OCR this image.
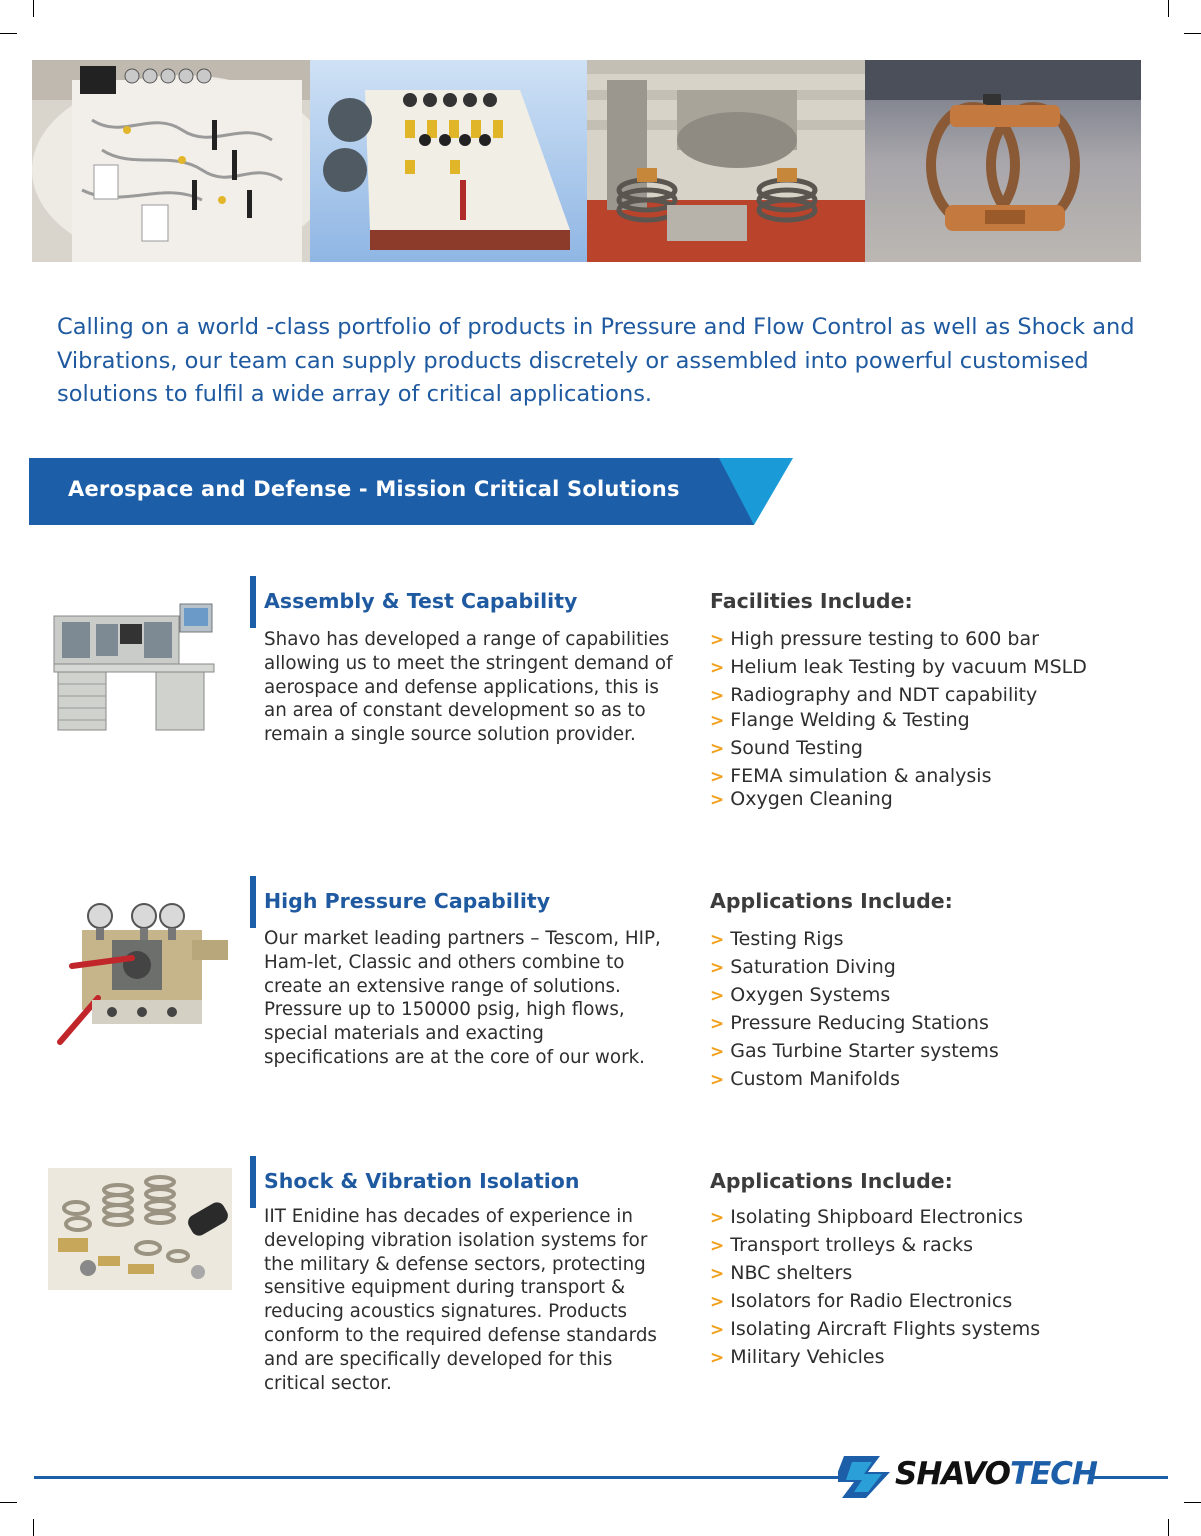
Calling on a world -class portfolio of products in Pressure and Flow Control as well as Shock and Vibrations, our team can supply products discretely or assembled into powerful customised solutions to fulfil a wide array of critical applications.

Aerospace and Defense - Mission Critical Solutions
Assembly & Test Capability

Shavo has developed a range of capabilities allowing us to meet the stringent demand of aerospace and defense applications, this is an area of constant development so as to remain a single source solution provider.

Facilities Include:
> High pressure testing to 600 bar
> Helium leak Testing by vacuum MSLD
> Radiography and NDT capability
> Flange Welding & Testing
> Sound Testing
> FEMA simulation & analysis
> Oxygen Cleaning
High Pressure Capability

Our market leading partners – Tescom, HIP, Ham-let, Classic and others combine to create an extensive range of solutions. Pressure up to 150000 psig, high flows, special materials and exacting specifications are at the core of our work.

Applications Include:
> Testing Rigs
> Saturation Diving
> Oxygen Systems
> Pressure Reducing Stations
> Gas Turbine Starter systems
> Custom Manifolds
Shock & Vibration Isolation

IIT Enidine has decades of experience in developing vibration isolation systems for the military & defense sectors, protecting sensitive equipment during transport & reducing acoustics signatures. Products conform to the required defense standards and are specifically developed for this critical sector.

Applications Include:
> Isolating Shipboard Electronics
> Transport trolleys & racks
> NBC shelters
> Isolators for Radio Electronics
> Isolating Aircraft Flights systems
> Military Vehicles
SHAVOTECH
